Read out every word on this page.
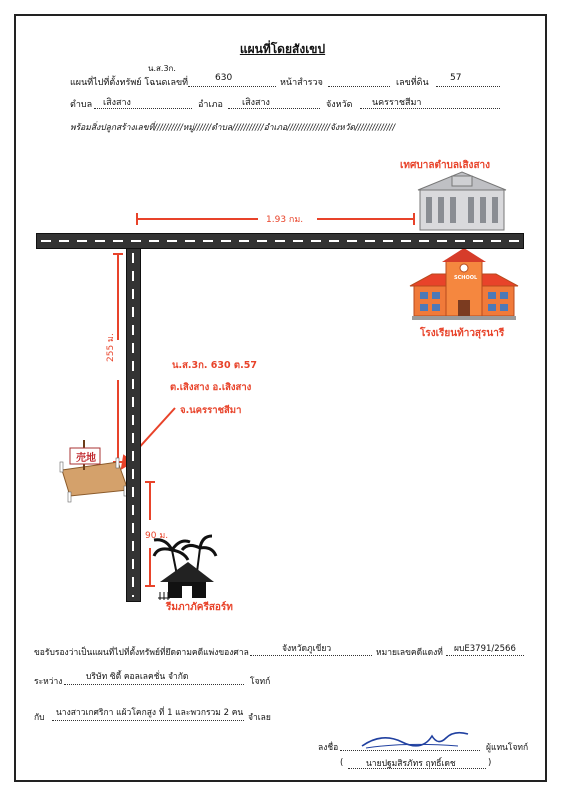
แผนที่โดยสังเขป
น.ส.3ก.
แผนที่ไปที่ตั้งทรัพย์ โฉนดเลขที่	630	หน้าสำรวจ	เลขที่ดิน 57
ตำบล เสิงสาง	อำเภอ เสิงสาง	จังหวัด นครราชสีมา
พร้อมสิ่งปลูกสร้างเลขที่//////////หมู่//////ตำบล///////////อำเภอ///////////////จังหวัด//////////////
เทศบาลตำบลเสิงสาง
1.93 กม.
โรงเรียนท้าวสุรนารี
SCHOOL
255 ม.
น.ส.3ก. 630 ต.57
ต.เสิงสาง อ.เสิงสาง
จ.นครราชสีมา
売地
90 ม.
รีมภาภัครีสอร์ท
ขอรับรองว่าเป็นแผนที่ไปที่ตั้งทรัพย์ที่ยึดตามคดีแพ่งของศาล	จังหวัดภูเขียว	หมายเลขคดีแดงที่ ผบE3791/2566
ระหว่าง	บริษัท ซิตี้ คอลเลคชั่น จำกัด	โจทก์
กับ นางสาวเกศริกา แผ้วโคกสูง ที่ 1 และพวกรวม 2 คน จำเลย
ลงชื่อ	ผู้แทนโจทก์
(	นายปฐมสิรภัทร ฤทธิ์เดช	)
